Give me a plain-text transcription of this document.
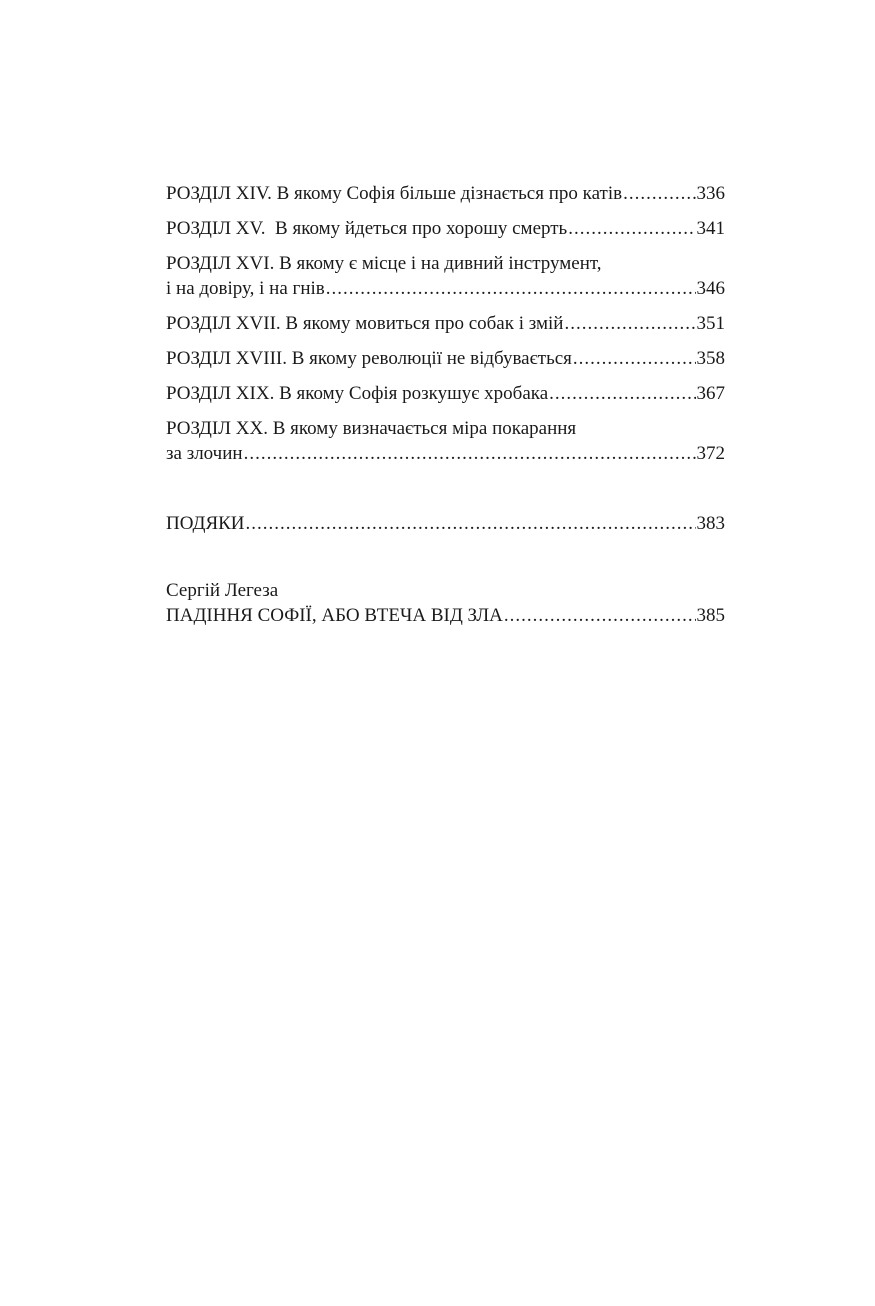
РОЗДІЛ XIV. В якому Софія більше дізнається про катів .....	336
РОЗДІЛ XV.  В якому йдеться про хорошу смерть .....	341
РОЗДІЛ XVI. В якому є місце і на дивний інструмент,
і на довіру, і на гнів .....	346
РОЗДІЛ XVII. В якому мовиться про собак і змій .....	351
РОЗДІЛ XVIII. В якому революції не відбувається .....	358
РОЗДІЛ XIX. В якому Софія розкушує хробака .....	367
РОЗДІЛ XX. В якому визначається міра покарання
за злочин .....	372
ПОДЯКИ .....	383
Сергій Легеза
ПАДІННЯ СОФІЇ, АБО ВТЕЧА ВІД ЗЛА .....	385
